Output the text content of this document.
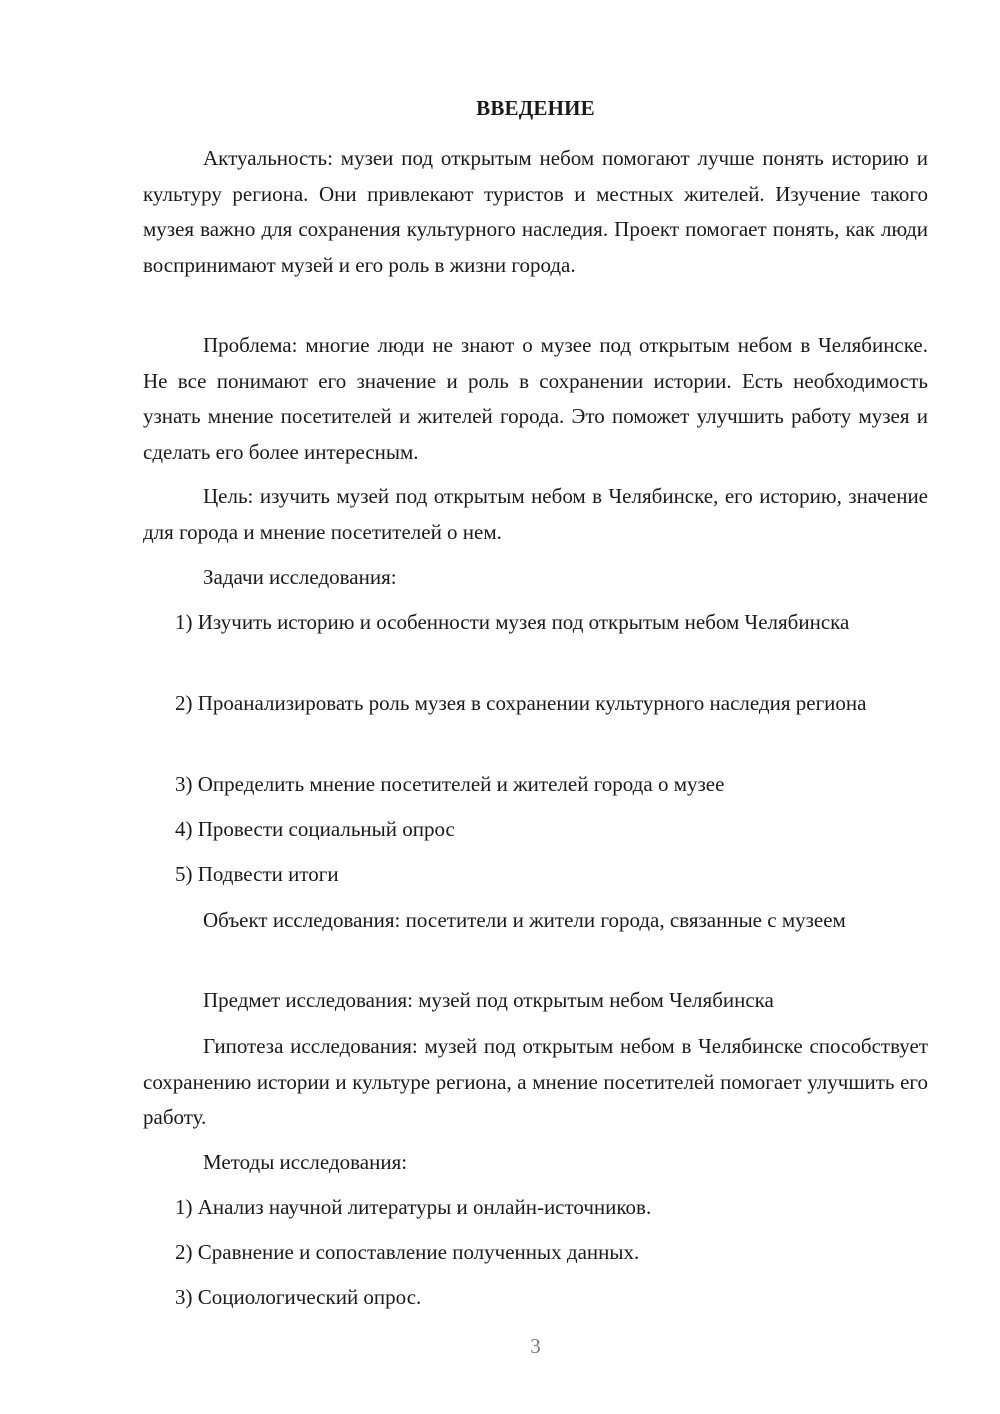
ВВЕДЕНИЕ

Актуальность: музеи под открытым небом помогают лучше понять историю и культуру региона. Они привлекают туристов и местных жителей. Изучение такого музея важно для сохранения культурного наследия. Проект помогает понять, как люди воспринимают музей и его роль в жизни города.

Проблема: многие люди не знают о музее под открытым небом в Челябинске. Не все понимают его значение и роль в сохранении истории. Есть необходимость узнать мнение посетителей и жителей города. Это поможет улучшить работу музея и сделать его более интересным.

Цель: изучить музей под открытым небом в Челябинске, его историю, значение для города и мнение посетителей о нем.

Задачи исследования:

1) Изучить историю и особенности музея под открытым небом Челябинска

2) Проанализировать роль музея в сохранении культурного наследия региона

3) Определить мнение посетителей и жителей города о музее

4) Провести социальный опрос

5) Подвести итоги

Объект исследования: посетители и жители города, связанные с музеем

Предмет исследования: музей под открытым небом Челябинска

Гипотеза исследования: музей под открытым небом в Челябинске способствует сохранению истории и культуре региона, а мнение посетителей помогает улучшить его работу.

Методы исследования:

1) Анализ научной литературы и онлайн-источников.

2) Сравнение и сопоставление полученных данных.

3) Социологический опрос.

3
